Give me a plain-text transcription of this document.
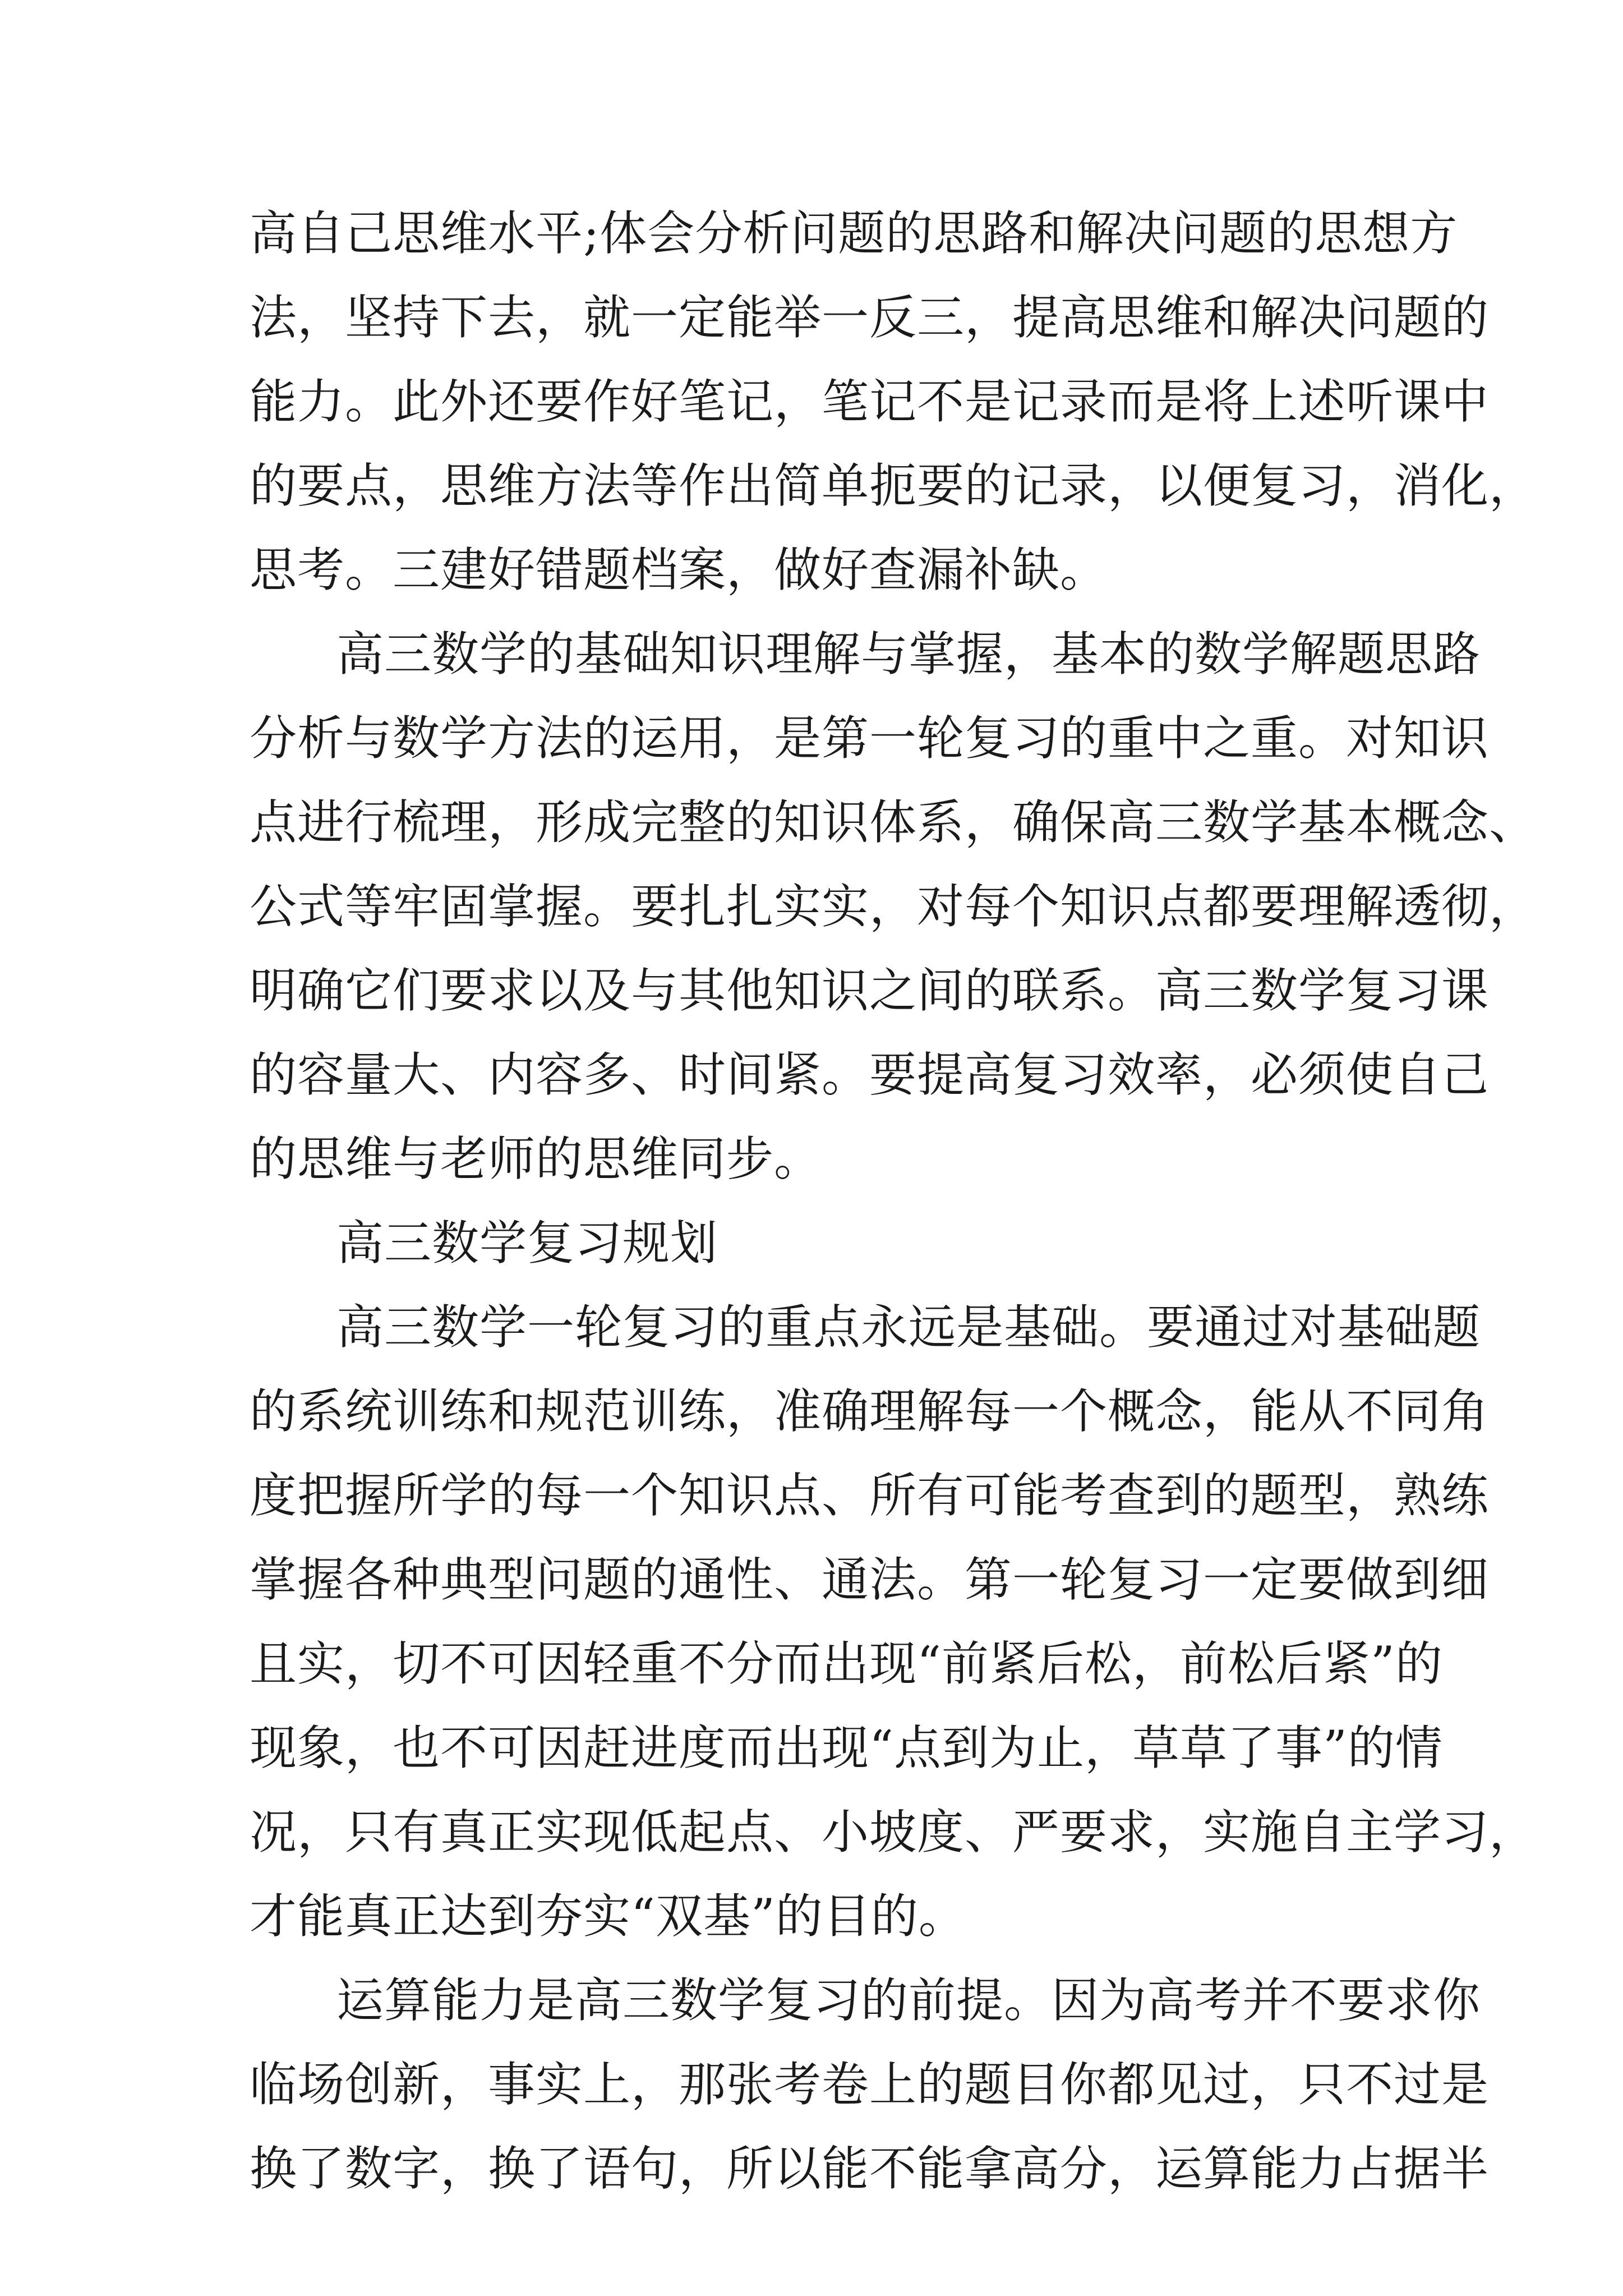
高自己思维水平;体会分析问题的思路和解决问题的思想方
法，坚持下去，就一定能举一反三，提高思维和解决问题的
能力。此外还要作好笔记，笔记不是记录而是将上述听课中
的要点，思维方法等作出简单扼要的记录，以便复习，消化，
思考。三建好错题档案，做好查漏补缺。
高三数学的基础知识理解与掌握，基本的数学解题思路
分析与数学方法的运用，是第一轮复习的重中之重。对知识
点进行梳理，形成完整的知识体系，确保高三数学基本概念、
公式等牢固掌握。要扎扎实实，对每个知识点都要理解透彻，
明确它们要求以及与其他知识之间的联系。高三数学复习课
的容量大、内容多、时间紧。要提高复习效率，必须使自己
的思维与老师的思维同步。
高三数学复习规划
高三数学一轮复习的重点永远是基础。要通过对基础题
的系统训练和规范训练，准确理解每一个概念，能从不同角
度把握所学的每一个知识点、所有可能考查到的题型，熟练
掌握各种典型问题的通性、通法。第一轮复习一定要做到细
且实，切不可因轻重不分而出现“前紧后松，前松后紧”的
现象，也不可因赶进度而出现“点到为止，草草了事”的情
况，只有真正实现低起点、小坡度、严要求，实施自主学习，
才能真正达到夯实“双基”的目的。
运算能力是高三数学复习的前提。因为高考并不要求你
临场创新，事实上，那张考卷上的题目你都见过，只不过是
换了数字，换了语句，所以能不能拿高分，运算能力占据半
